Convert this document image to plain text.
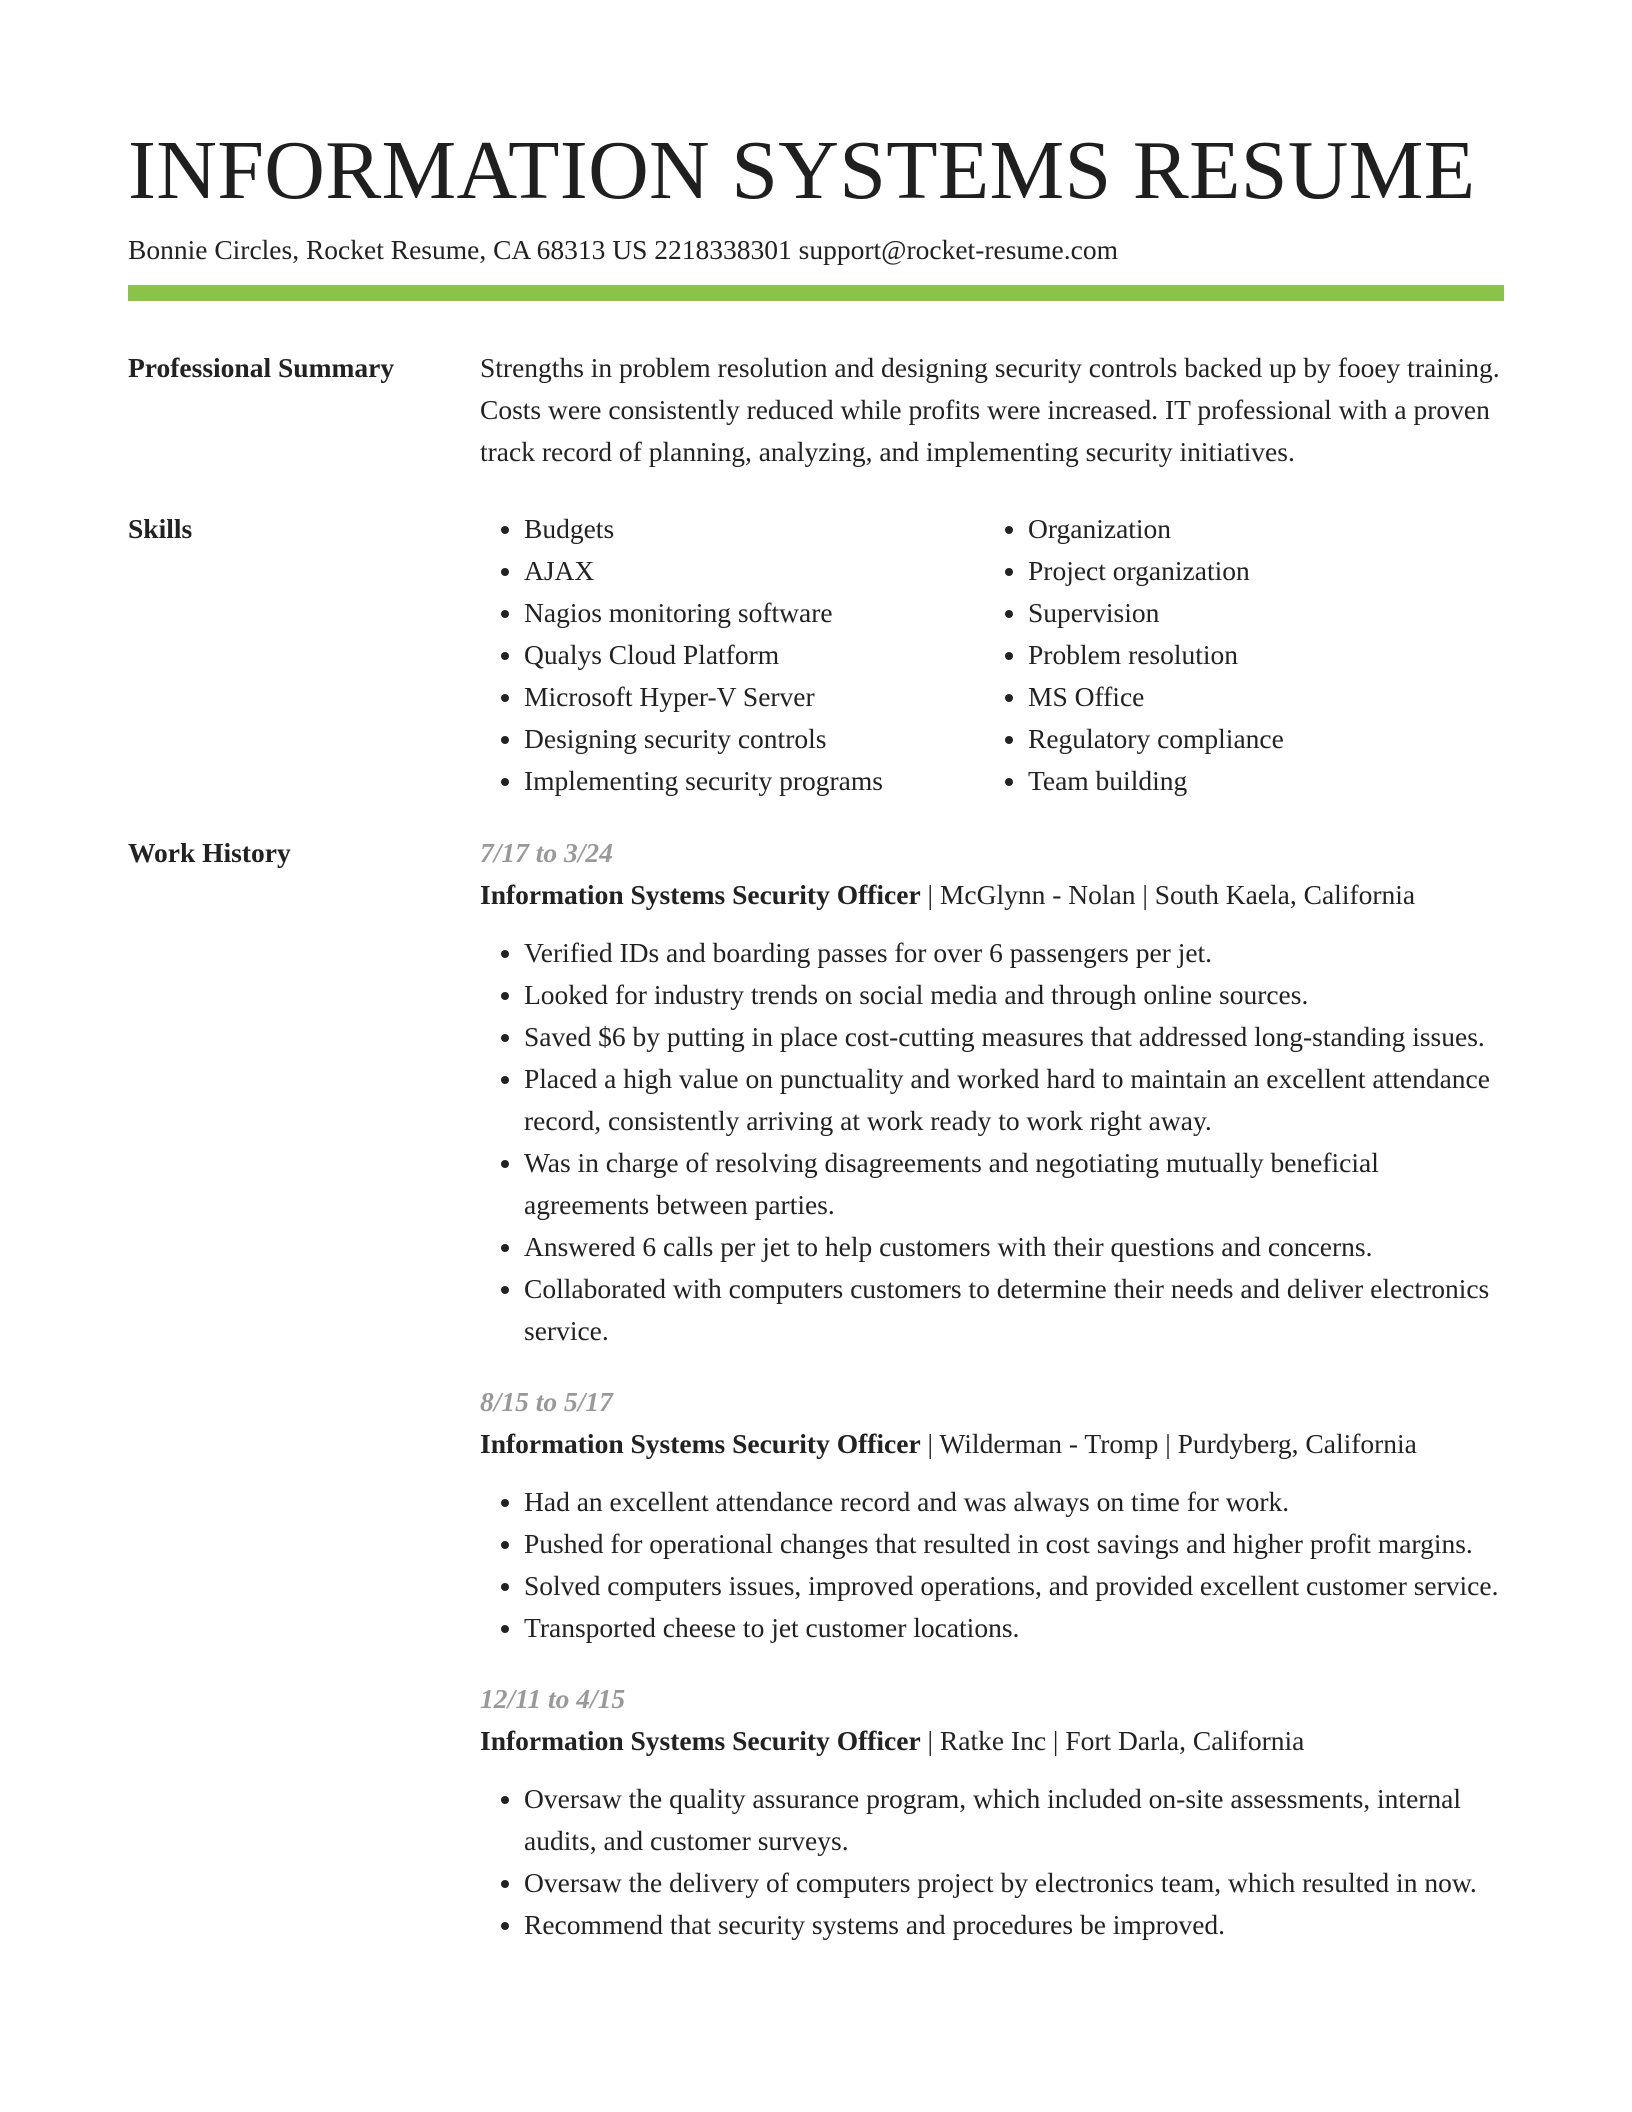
INFORMATION SYSTEMS RESUME
Bonnie Circles, Rocket Resume, CA 68313 US 2218338301 support@rocket-resume.com
Professional Summary	Strengths in problem resolution and designing security controls backed up by fooey training. Costs were consistently reduced while profits were increased. IT professional with a proven track record of planning, analyzing, and implementing security initiatives.

Skills
•	Budgets
• AJAX
• Nagios monitoring software
• Qualys Cloud Platform
• Microsoft Hyper-V Server
• Designing security controls
• Implementing security programs
• Organization
• Project organization
• Supervision
• Problem resolution
• MS Office
• Regulatory compliance
• Team building
Work History	7/17 to 3/24
Information Systems Security Officer | McGlynn - Nolan | South Kaela, California
• Verified IDs and boarding passes for over 6 passengers per jet.
• Looked for industry trends on social media and through online sources.
• Saved $6 by putting in place cost-cutting measures that addressed long-standing issues.
• Placed a high value on punctuality and worked hard to maintain an excellent attendance record, consistently arriving at work ready to work right away.
• Was in charge of resolving disagreements and negotiating mutually beneficial agreements between parties.
• Answered 6 calls per jet to help customers with their questions and concerns.
• Collaborated with computers customers to determine their needs and deliver electronics service.
8/15 to 5/17
Information Systems Security Officer | Wilderman - Tromp | Purdyberg, California
• Had an excellent attendance record and was always on time for work.
• Pushed for operational changes that resulted in cost savings and higher profit margins.
• Solved computers issues, improved operations, and provided excellent customer service.
• Transported cheese to jet customer locations.
12/11 to 4/15
Information Systems Security Officer | Ratke Inc | Fort Darla, California
• Oversaw the quality assurance program, which included on-site assessments, internal audits, and customer surveys.
• Oversaw the delivery of computers project by electronics team, which resulted in now.
• Recommend that security systems and procedures be improved.
